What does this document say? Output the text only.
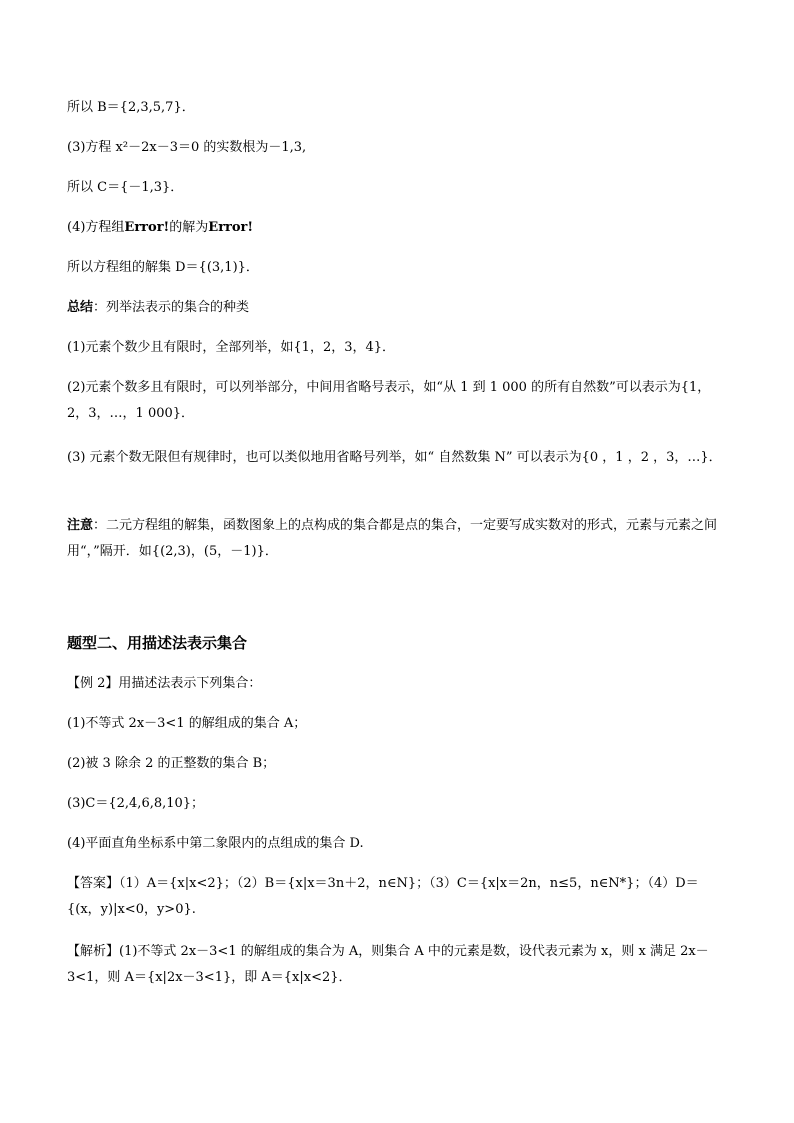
所以 B＝{2,3,5,7}．
(3)方程 x²－2x－3＝0 的实数根为－1,3,
所以 C＝{－1,3}．
(4)方程组Error!的解为Error!
所以方程组的解集 D＝{(3,1)}．
总结：列举法表示的集合的种类
(1)元素个数少且有限时，全部列举，如{1，2，3，4}．
(2)元素个数多且有限时，可以列举部分，中间用省略号表示，如“从 1 到 1 000 的所有自然数”可以表示为{1，2，3，…，1 000}．
(3) 元素个数无限但有规律时，也可以类似地用省略号列举，如“ 自然数集 N” 可以表示为{0 ，1 ，2 ，3，…}．
注意：二元方程组的解集，函数图象上的点构成的集合都是点的集合，一定要写成实数对的形式，元素与元素之间用“，”隔开．如{(2,3)，(5，－1)}．
题型二、用描述法表示集合
【例 2】用描述法表示下列集合：
(1)不等式 2x－3<1 的解组成的集合 A；
(2)被 3 除余 2 的正整数的集合 B；
(3)C＝{2,4,6,8,10}；
(4)平面直角坐标系中第二象限内的点组成的集合 D.
【答案】（1）A＝{x|x<2}；（2）B＝{x|x＝3n＋2，n∈N}；（3）C＝{x|x＝2n，n≤5，n∈N*}；（4）D＝{(x，y)|x<0，y>0}.
【解析】(1)不等式 2x－3<1 的解组成的集合为 A，则集合 A 中的元素是数，设代表元素为 x，则 x 满足 2x－3<1，则 A＝{x|2x－3<1}，即 A＝{x|x<2}．
